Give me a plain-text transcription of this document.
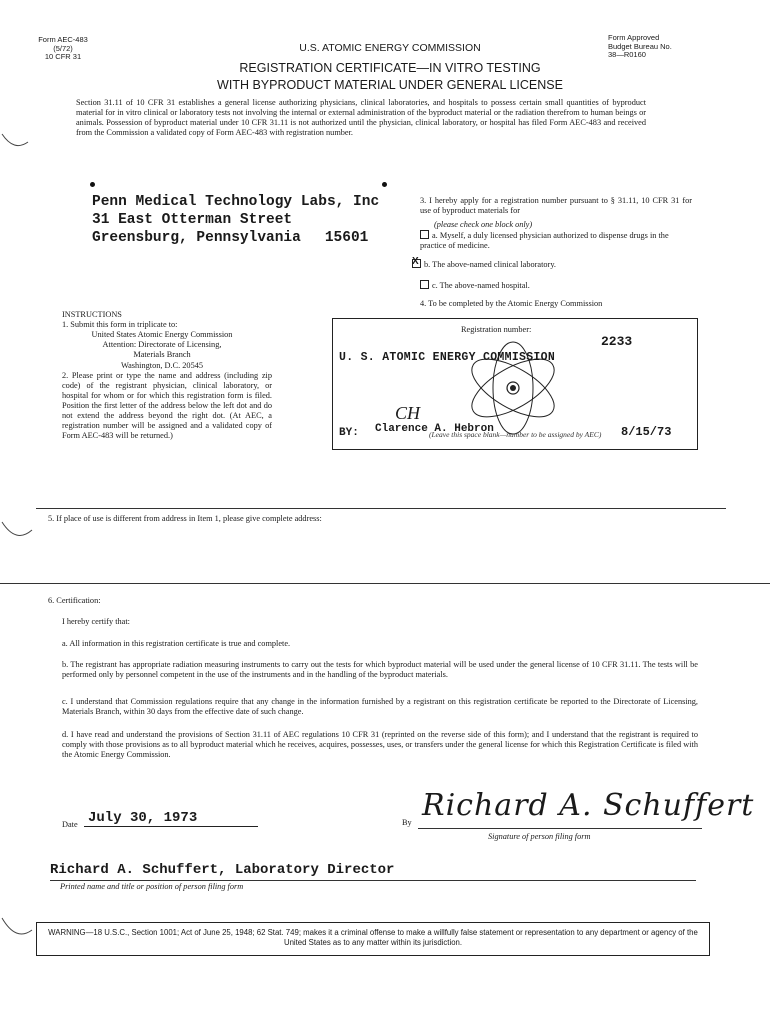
Form AEC-483
(5/72)
10 CFR 31
Form Approved
Budget Bureau No.
38—R0160
U.S. ATOMIC ENERGY COMMISSION
REGISTRATION CERTIFICATE—IN VITRO TESTING
WITH BYPRODUCT MATERIAL UNDER GENERAL LICENSE

Section 31.11 of 10 CFR 31 establishes a general license authorizing physicians, clinical laboratories, and hospitals to possess certain small quantities of byproduct material for in vitro clinical or laboratory tests not involving the internal or external administration of the byproduct material or the radiation therefrom to human beings or animals. Possession of byproduct material under 10 CFR 31.11 is not authorized until the physician, clinical laboratory, or hospital has filed Form AEC-483 and received from the Commission a validated copy of Form AEC-483 with registration number.

Penn Medical Technology Labs, Inc
31 East Otterman Street
Greensburg, Pennsylvania 15601
3. I hereby apply for a registration number pursuant to § 31.11, 10 CFR 31 for use of byproduct materials for
(please check one block only)
a. Myself, a duly licensed physician authorized to dispense drugs in the practice of medicine.
X b. The above-named clinical laboratory.
c. The above-named hospital.
4. To be completed by the Atomic Energy Commission
Registration number:
2233
U. S. ATOMIC ENERGY COMMISSION
CH
BY: Clarence A. Hebron
(Leave this space blank—number to be assigned by AEC) 8/15/73
INSTRUCTIONS
1. Submit this form in triplicate to:
United States Atomic Energy Commission
Attention: Directorate of Licensing,
Materials Branch
Washington, D.C. 20545
2. Please print or type the name and address (including zip code) of the registrant physician, clinical laboratory, or hospital for whom or for which this registration form is filed. Position the first letter of the address below the left dot and do not extend the address beyond the right dot. (At AEC, a registration number will be assigned and a validated copy of Form AEC-483 will be returned.)
5. If place of use is different from address in Item 1, please give complete address:
6. Certification:
I hereby certify that:
a. All information in this registration certificate is true and complete.
b. The registrant has appropriate radiation measuring instruments to carry out the tests for which byproduct material will be used under the general license of 10 CFR 31.11. The tests will be performed only by personnel competent in the use of the instruments and in the handling of the byproduct materials.
c. I understand that Commission regulations require that any change in the information furnished by a registrant on this registration certificate be reported to the Directorate of Licensing, Materials Branch, within 30 days from the effective date of such change.
d. I have read and understand the provisions of Section 31.11 of AEC regulations 10 CFR 31 (reprinted on the reverse side of this form); and I understand that the registrant is required to comply with those provisions as to all byproduct material which he receives, acquires, possesses, uses, or transfers under the general license for which this Registration Certificate is filed with the Atomic Energy Commission.
Date July 30, 1973	By Richard A. Schuffert
Signature of person filing form
Richard A. Schuffert, Laboratory Director
Printed name and title or position of person filing form
WARNING—18 U.S.C., Section 1001; Act of June 25, 1948; 62 Stat. 749; makes it a criminal offense to make a willfully false statement or representation to any department or agency of the United States as to any matter within its jurisdiction.
